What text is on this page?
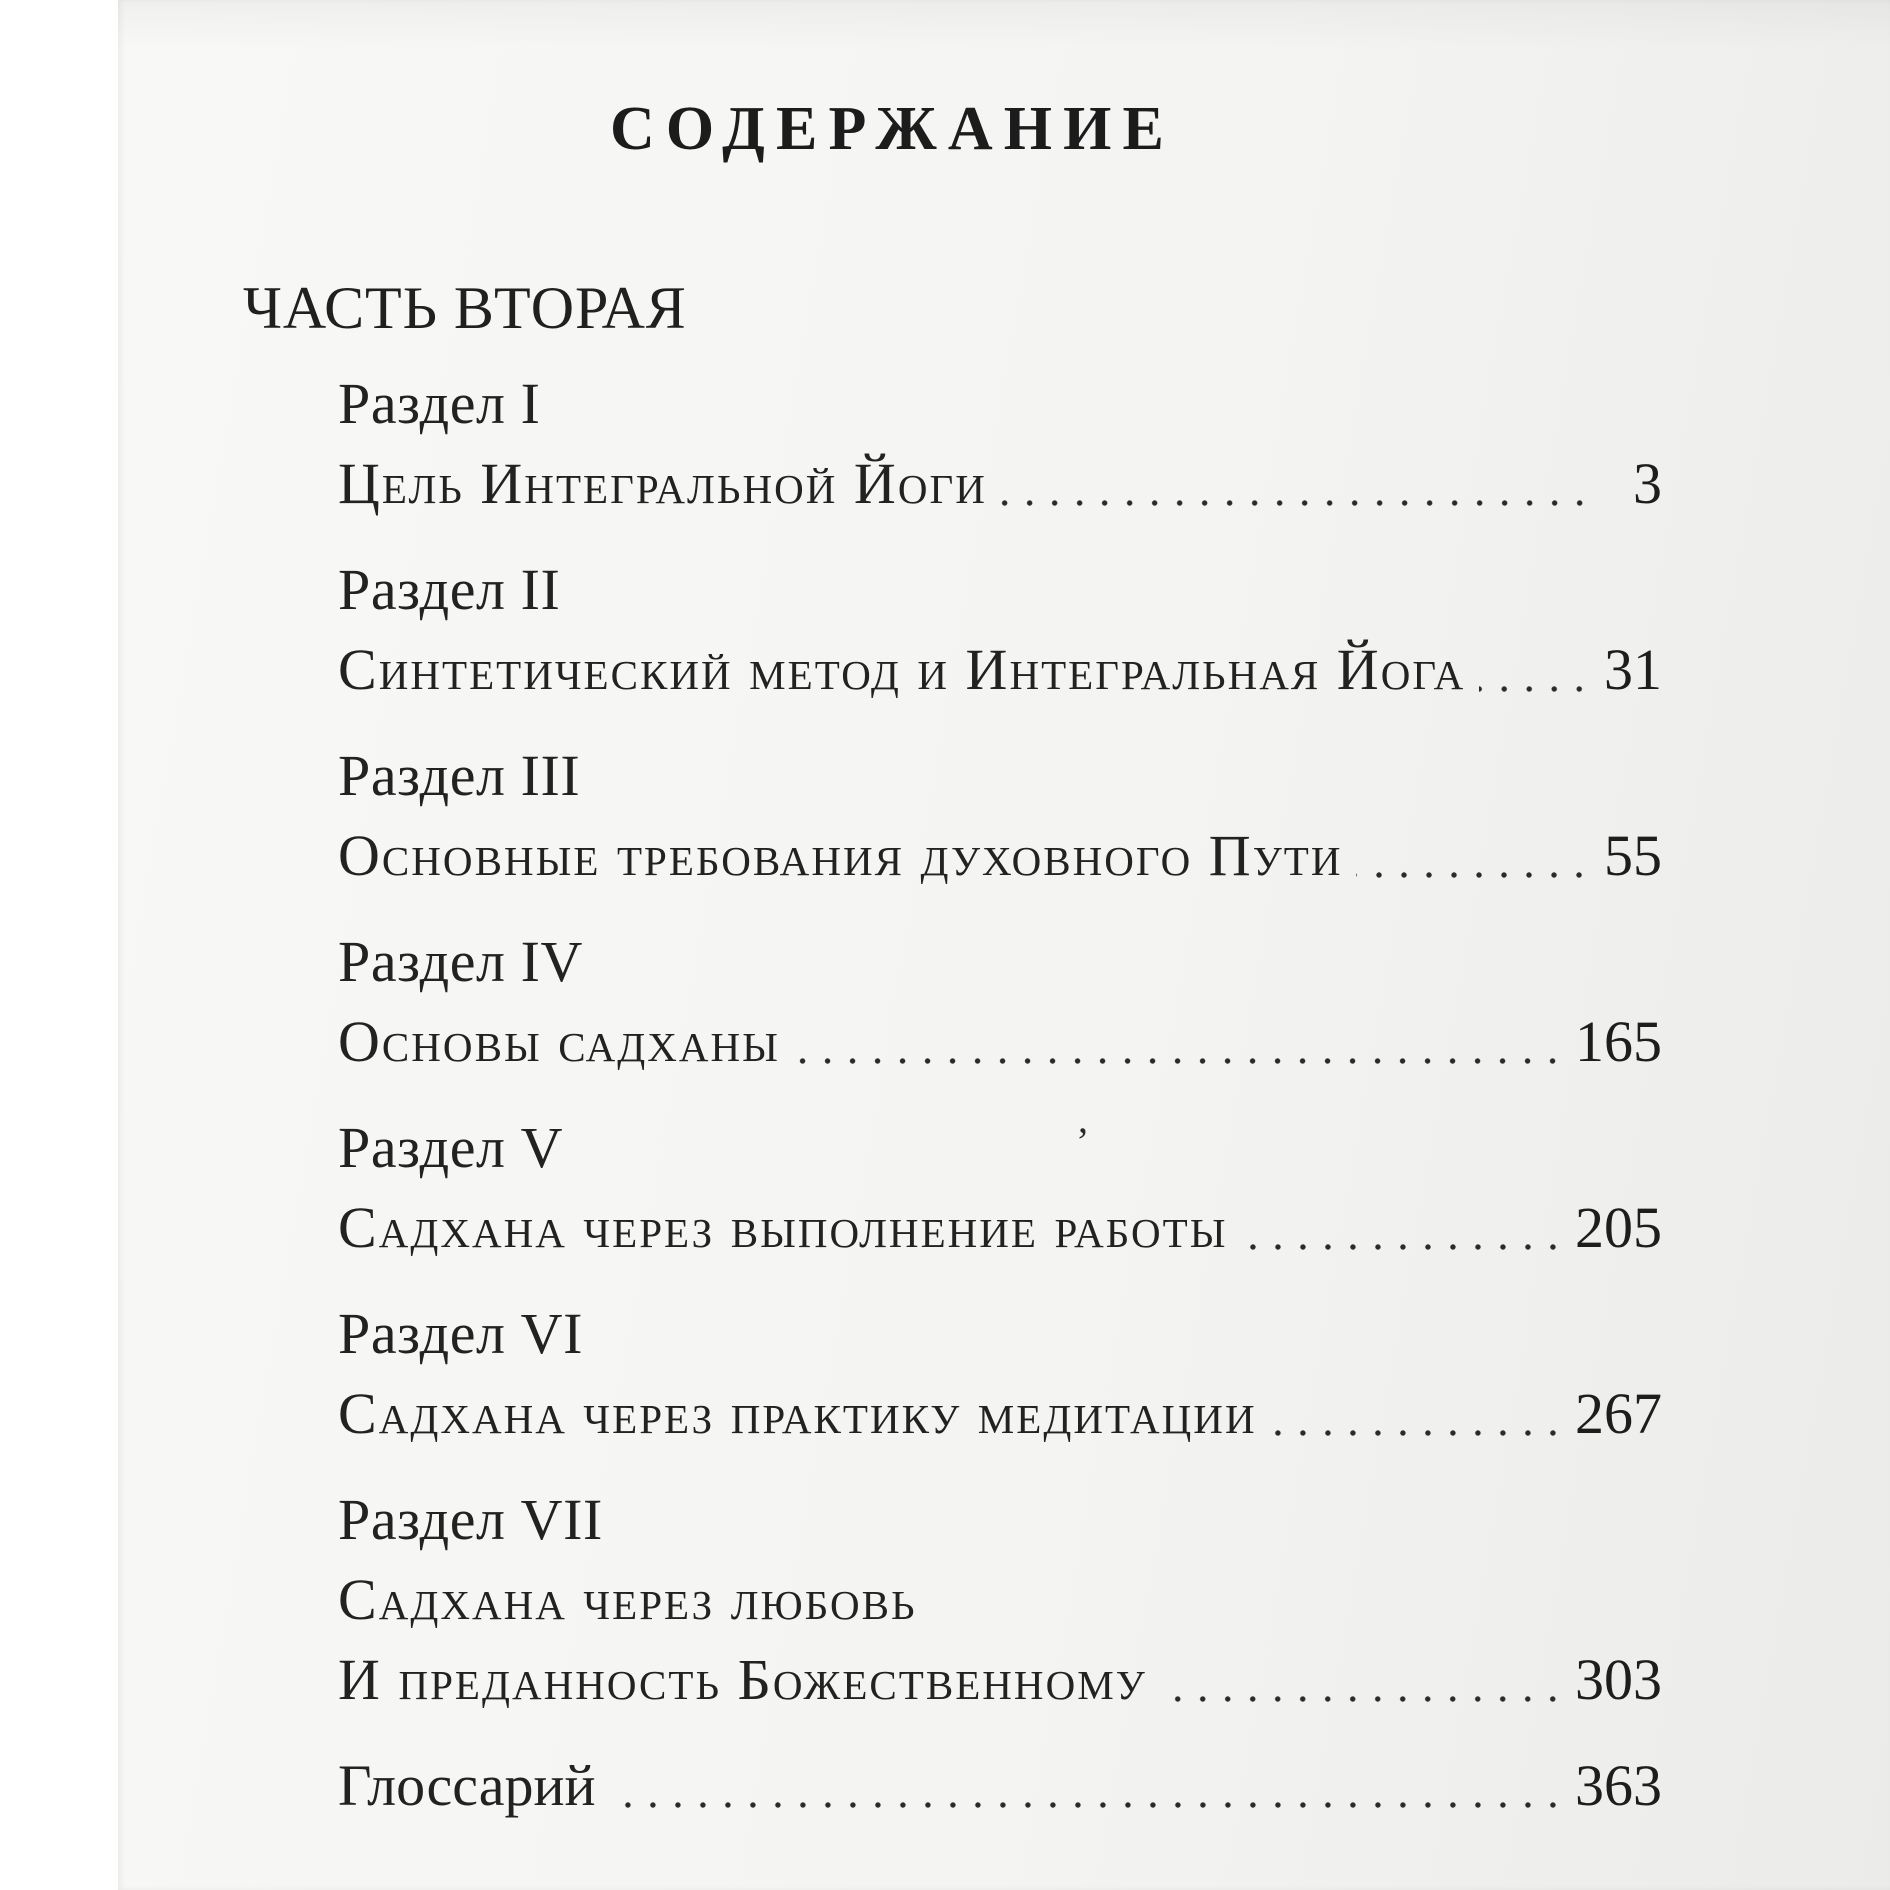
СОДЕРЖАНИЕ
ЧАСТЬ ВТОРАЯ
Раздел I
Цель Интегральной Йоги	3
Раздел II
Синтетический метод и Интегральная Йога 31
Раздел III
Основные требования духовного Пути	55
Раздел IV
Основы садханы	165
Раздел V
Садхана через выполнение работы	205
Раздел VI
Садхана через практику медитации	267
Раздел VII
Садхана через любовь
И преданность Божественному	303
Глоссарий	363
’
